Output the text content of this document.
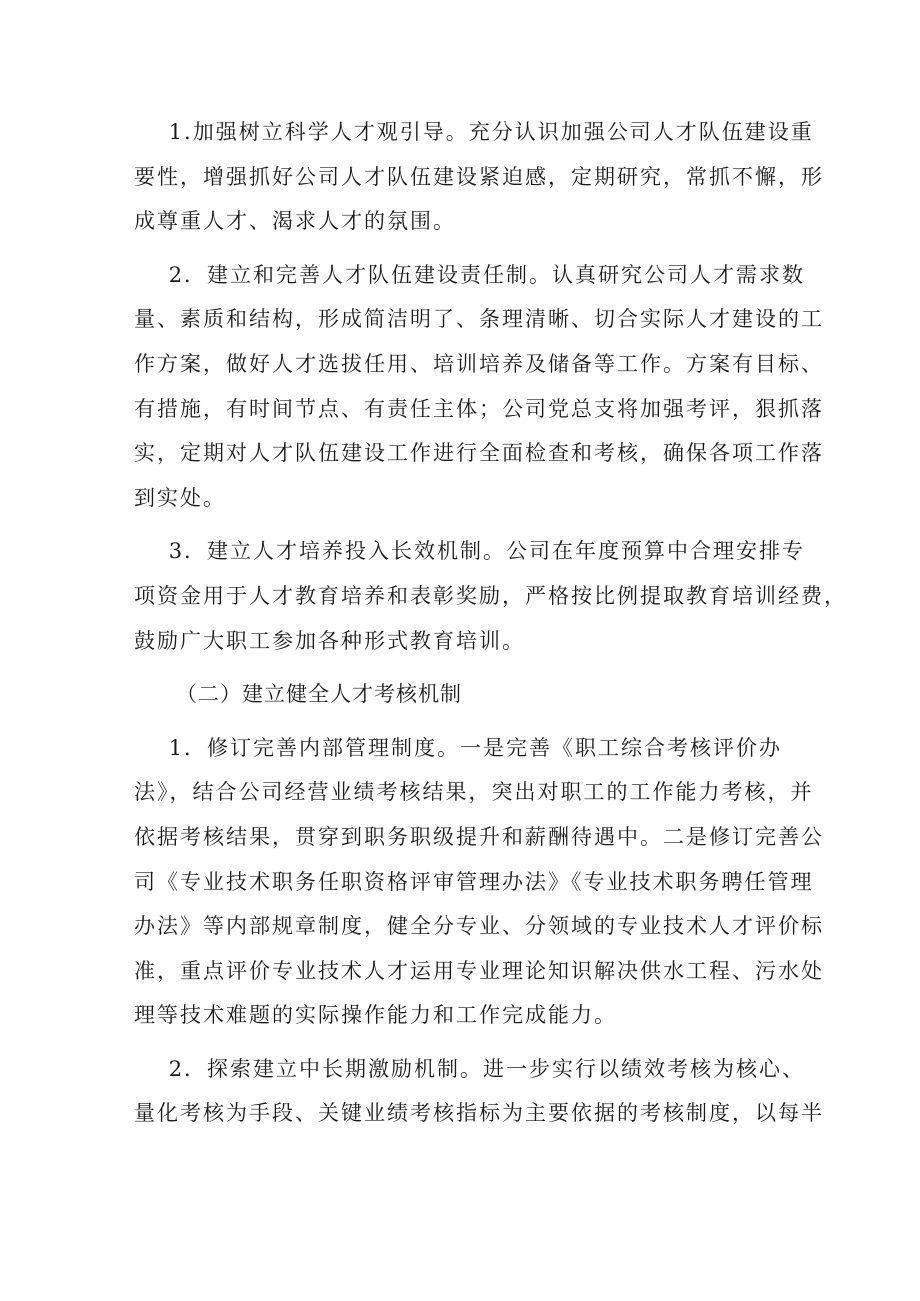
1.加强树立科学人才观引导。充分认识加强公司人才队伍建设重
要性，增强抓好公司人才队伍建设紧迫感，定期研究，常抓不懈，形
成尊重人才、渴求人才的氛围。
2．建立和完善人才队伍建设责任制。认真研究公司人才需求数
量、素质和结构，形成简洁明了、条理清晰、切合实际人才建设的工
作方案，做好人才选拔任用、培训培养及储备等工作。方案有目标、
有措施，有时间节点、有责任主体；公司党总支将加强考评，狠抓落
实，定期对人才队伍建设工作进行全面检查和考核，确保各项工作落
到实处。
3．建立人才培养投入长效机制。公司在年度预算中合理安排专
项资金用于人才教育培养和表彰奖励，严格按比例提取教育培训经费，
鼓励广大职工参加各种形式教育培训。
（二）建立健全人才考核机制
1．修订完善内部管理制度。一是完善《职工综合考核评价办
法》，结合公司经营业绩考核结果，突出对职工的工作能力考核，并
依据考核结果，贯穿到职务职级提升和薪酬待遇中。二是修订完善公
司《专业技术职务任职资格评审管理办法》《专业技术职务聘任管理
办法》等内部规章制度，健全分专业、分领域的专业技术人才评价标
准，重点评价专业技术人才运用专业理论知识解决供水工程、污水处
理等技术难题的实际操作能力和工作完成能力。
2．探索建立中长期激励机制。进一步实行以绩效考核为核心、
量化考核为手段、关键业绩考核指标为主要依据的考核制度，以每半
